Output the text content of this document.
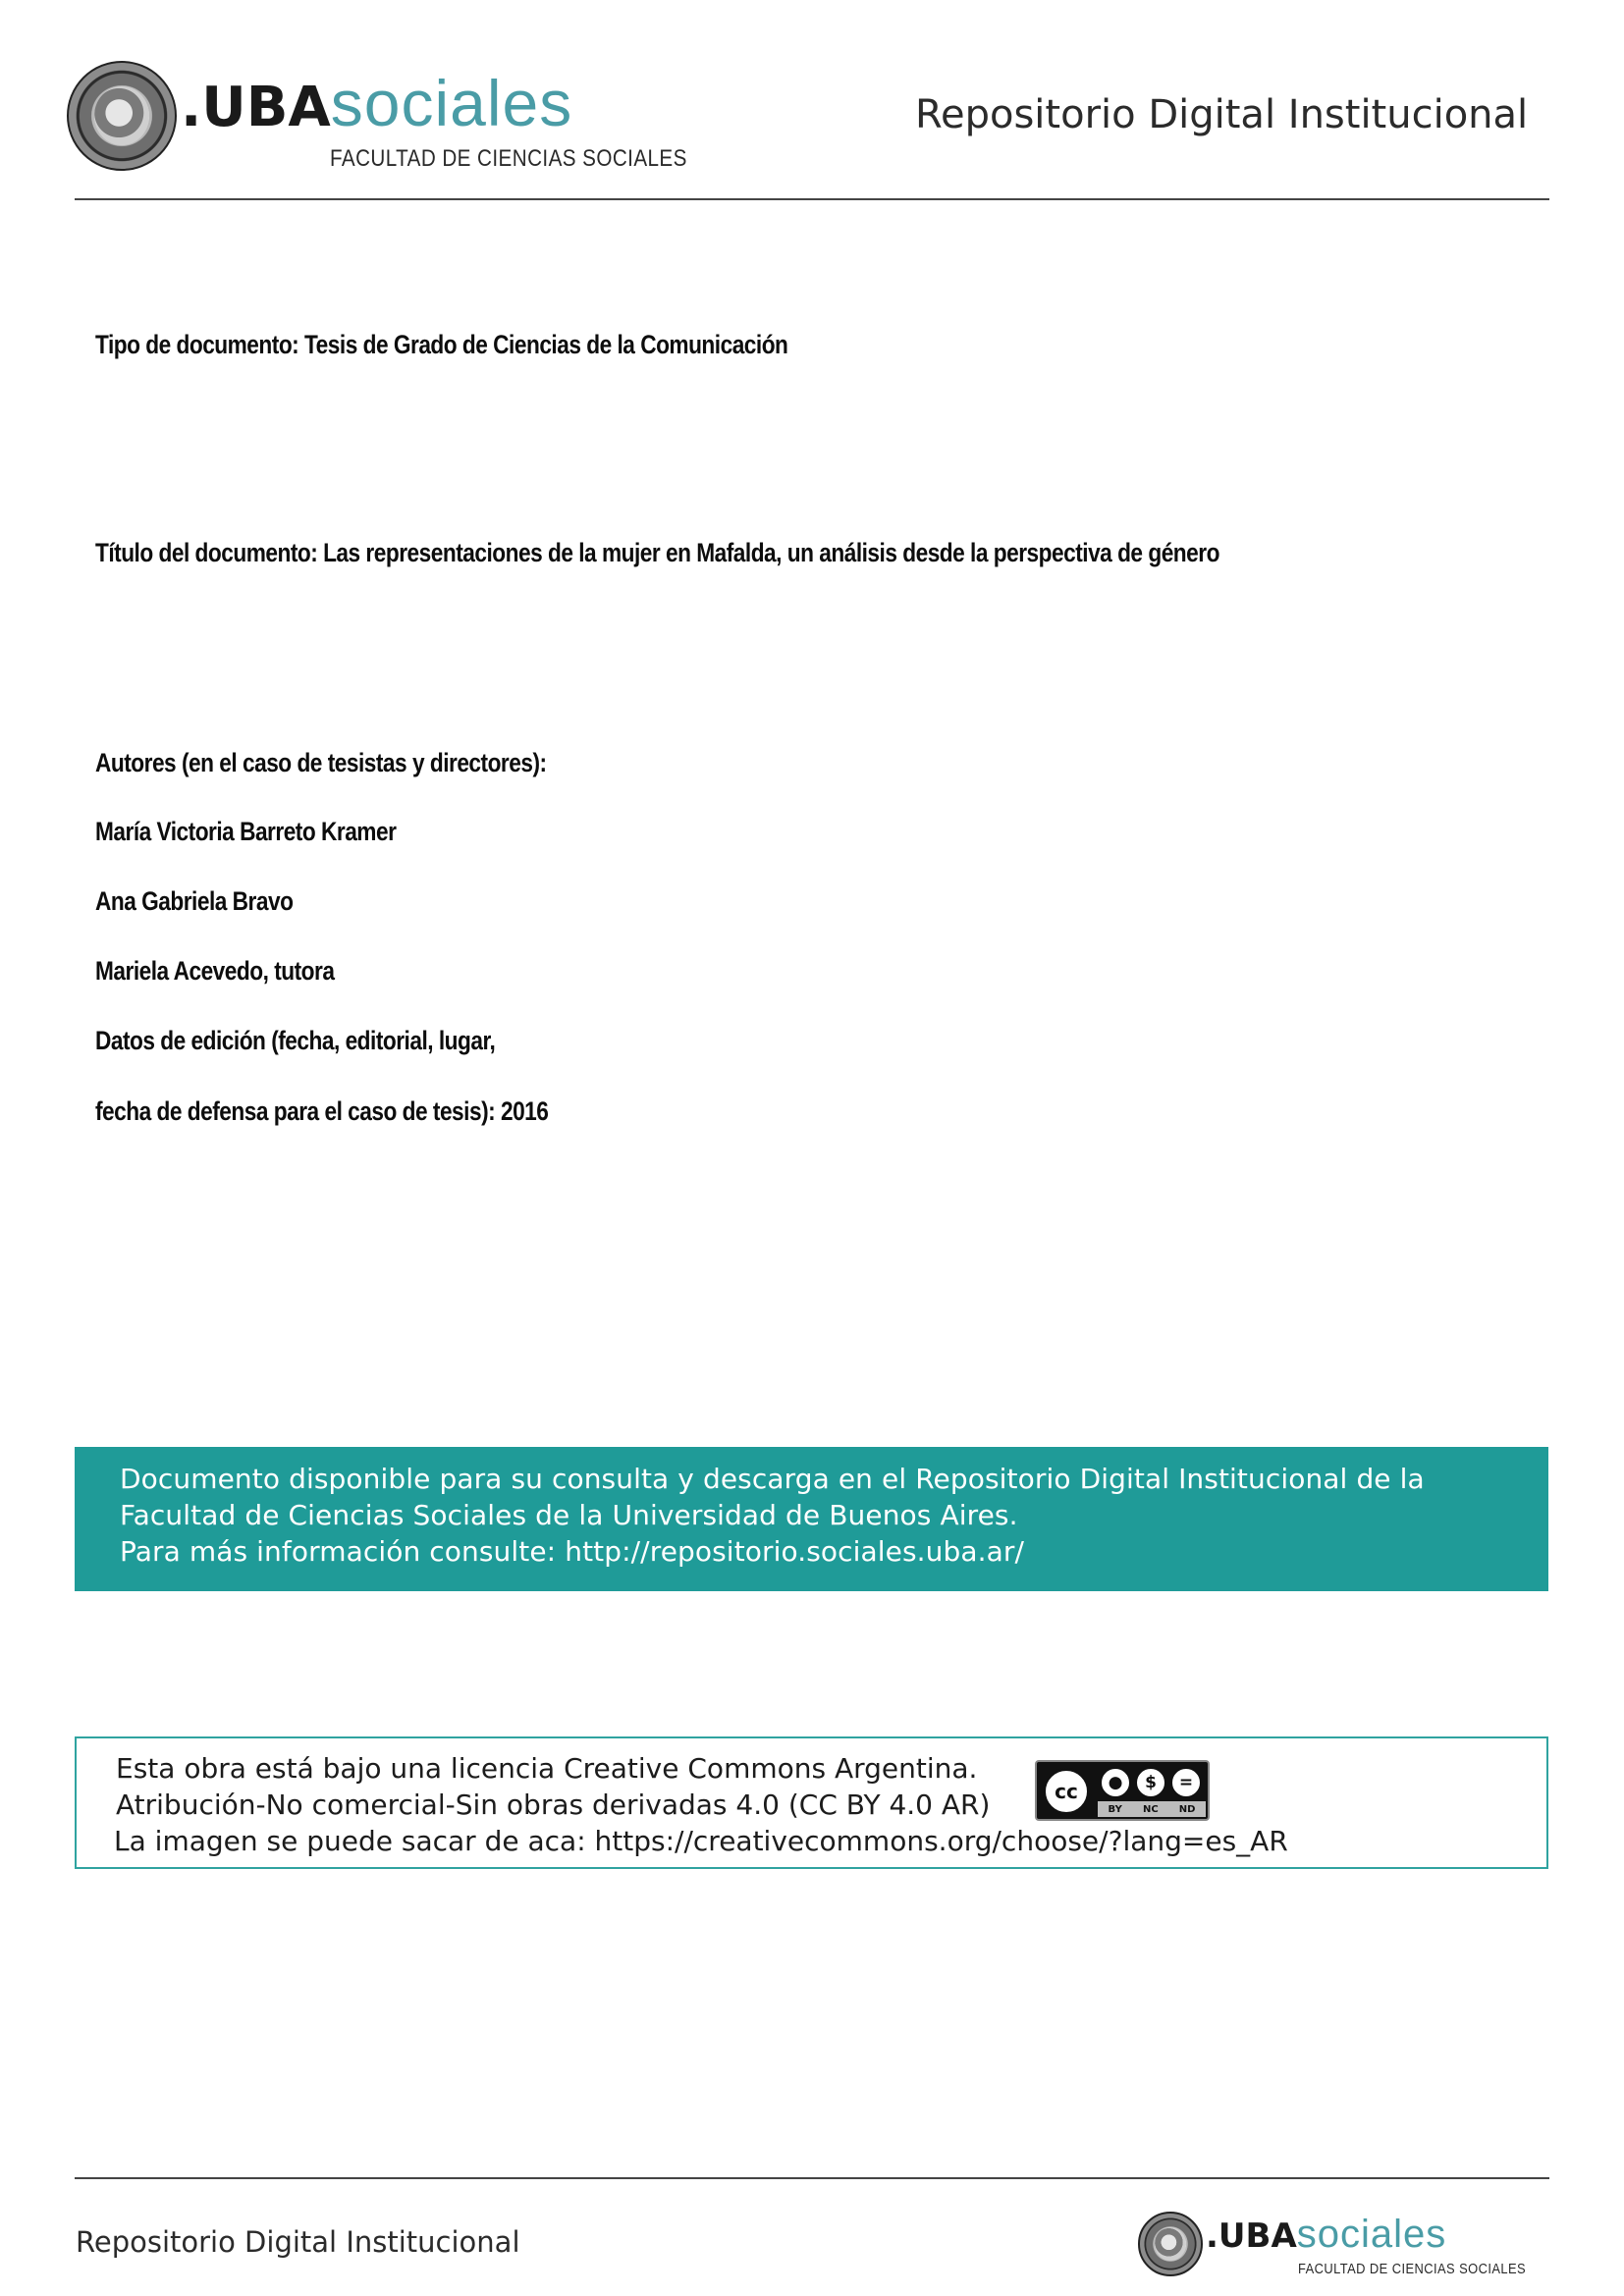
.UBAsociales
FACULTAD DE CIENCIAS SOCIALES
Repositorio Digital Institucional
Tipo de documento: Tesis de Grado de Ciencias de la Comunicación
Título del documento: Las representaciones de la mujer en Mafalda, un análisis desde la perspectiva de género
Autores (en el caso de tesistas y directores):
María Victoria Barreto Kramer
Ana Gabriela Bravo
Mariela Acevedo, tutora
Datos de edición (fecha, editorial, lugar,
fecha de defensa para el caso de tesis): 2016
Documento disponible para su consulta y descarga en el Repositorio Digital Institucional de la
Facultad de Ciencias Sociales de la Universidad de Buenos Aires.
Para más información consulte: http://repositorio.sociales.uba.ar/
Esta obra está bajo una licencia Creative Commons Argentina.
Atribución-No comercial-Sin obras derivadas 4.0 (CC BY 4.0 AR)
La imagen se puede sacar de aca: https://creativecommons.org/choose/?lang=es_AR
cc	●	$	=
BY NC ND
Repositorio Digital Institucional	.UBAsociales
FACULTAD DE CIENCIAS SOCIALES
